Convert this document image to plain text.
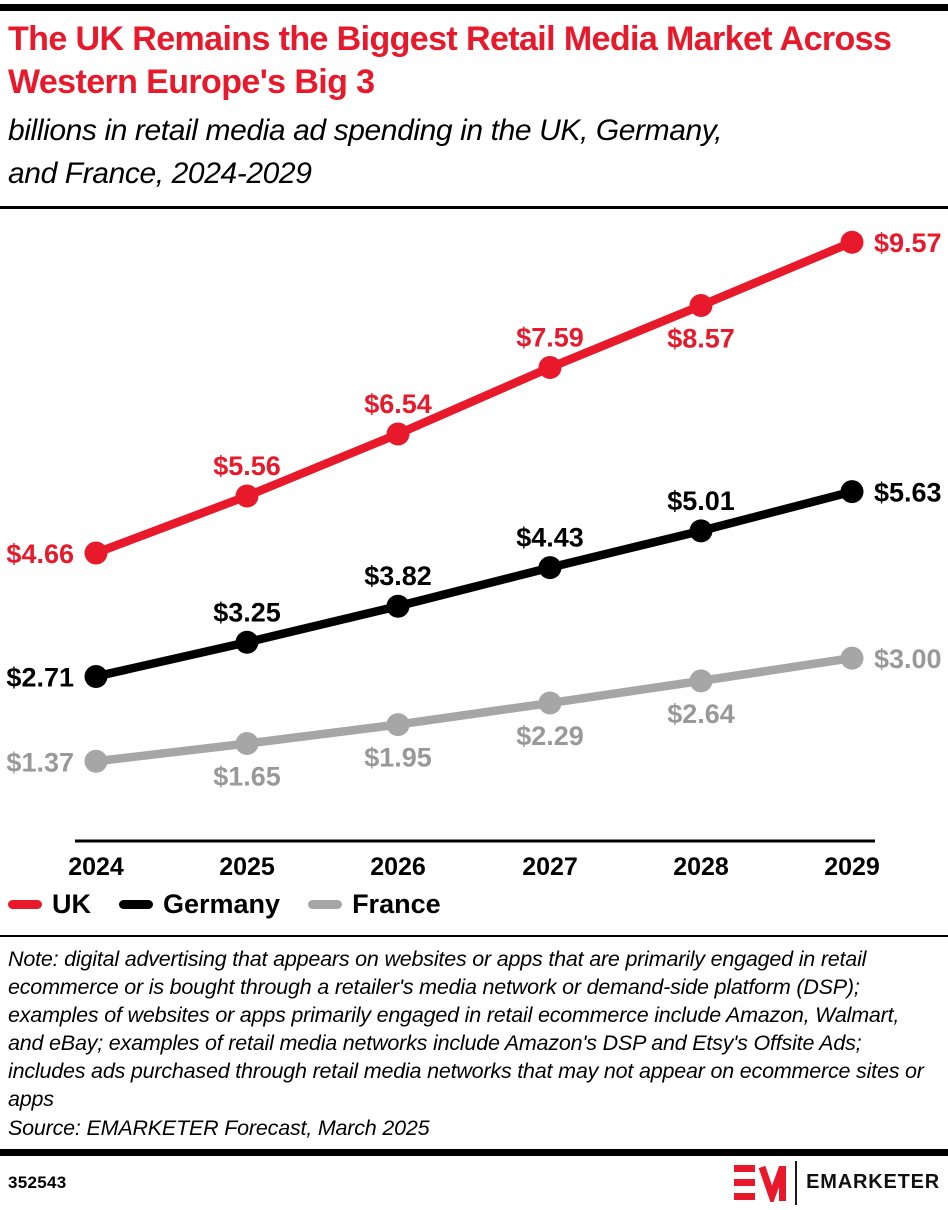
The UK Remains the Biggest Retail Media Market Across Western Europe's Big 3

billions in retail media ad spending in the UK, Germany, and France, 2024-2029

2024	2025	2026	2027	2028	2029
$4.66
$5.56
$6.54
$7.59	$8.57
$9.57
$2.71
$3.25
$3.82
$4.43
$5.01	$5.63
$1.37	$1.65
$1.95
$2.29
$2.64
$3.00
UK	Germany	France

Note: digital advertising that appears on websites or apps that are primarily engaged in retail ecommerce or is bought through a retailer's media network or demand-side platform (DSP); examples of websites or apps primarily engaged in retail ecommerce include Amazon, Walmart, and eBay; examples of retail media networks include Amazon's DSP and Etsy's Offsite Ads; includes ads purchased through retail media networks that may not appear on ecommerce sites or apps

Source: EMARKETER Forecast, March 2025

352543	EMARKETER
